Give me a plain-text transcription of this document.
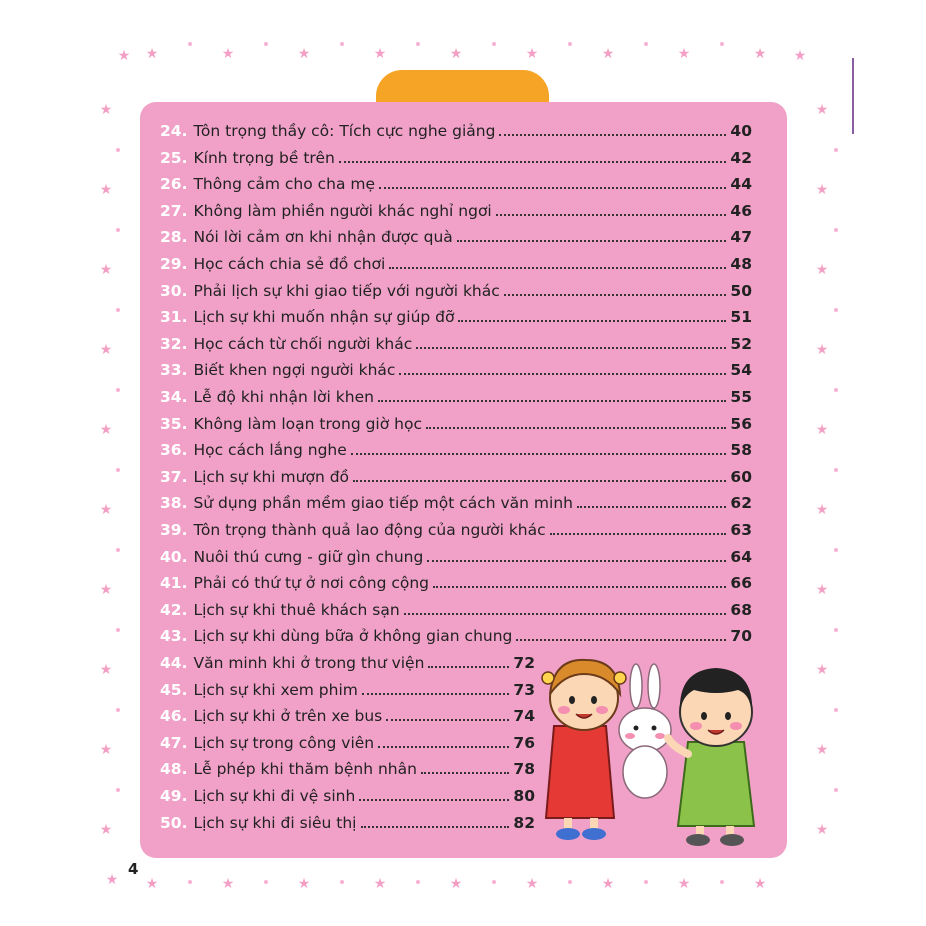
★
★
★
★
★
★
★
★
★
★
★
★
★
★
★
★
★
★
★	★
★	★
★	★
★	★
★	★
★	★
★	★
★	★
★	★
★	★
★	★
★
24. Tôn trọng thầy cô: Tích cực nghe giảng	40
25. Kính trọng bề trên	42
26. Thông cảm cho cha mẹ	44
27. Không làm phiền người khác nghỉ ngơi	46
28. Nói lời cảm ơn khi nhận được quà	47
29. Học cách chia sẻ đồ chơi	48
30. Phải lịch sự khi giao tiếp với người khác	50
31. Lịch sự khi muốn nhận sự giúp đỡ	51
32. Học cách từ chối người khác	52
33. Biết khen ngợi người khác	54
34. Lễ độ khi nhận lời khen	55
35. Không làm loạn trong giờ học	56
36. Học cách lắng nghe	58
37. Lịch sự khi mượn đồ	60
38. Sử dụng phần mềm giao tiếp một cách văn minh	62
39. Tôn trọng thành quả lao động của người khác	63
40. Nuôi thú cưng - giữ gìn chung	64
41. Phải có thứ tự ở nơi công cộng	66
42. Lịch sự khi thuê khách sạn	68
43. Lịch sự khi dùng bữa ở không gian chung	70
44. Văn minh khi ở trong thư viện	72
45. Lịch sự khi xem phim	73
46. Lịch sự khi ở trên xe bus	74
47. Lịch sự trong công viên	76
48. Lễ phép khi thăm bệnh nhân	78
49. Lịch sự khi đi vệ sinh	80
50. Lịch sự khi đi siêu thị	82
4
